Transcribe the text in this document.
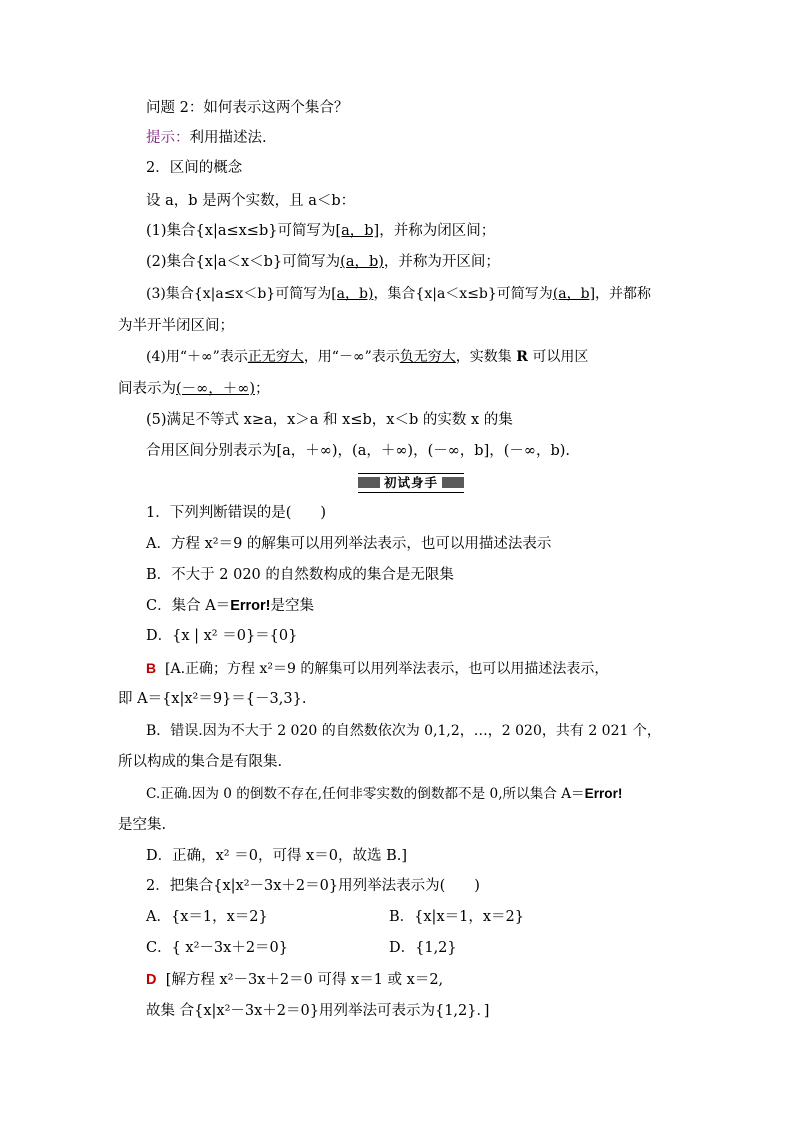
问题 2：如何表示这两个集合？
提示：利用描述法.
2．区间的概念
设 a，b 是两个实数，且 a＜b：
(1)集合{x|a≤x≤b}可简写为[a，b]，并称为闭区间；
(2)集合{x|a＜x＜b}可简写为(a，b)，并称为开区间；
(3)集合{x|a≤x＜b}可简写为[a，b)，集合{x|a＜x≤b}可简写为(a，b]，并都称
为半开半闭区间；
(4)用“＋∞”表示正无穷大，用“－∞”表示负无穷大，实数集 R 可以用区
间表示为(－∞，＋∞)；
(5)满足不等式 x≥a，x＞a 和 x≤b，x＜b 的实数 x 的集
合用区间分别表示为[a，＋∞)，(a，＋∞)，(－∞，b]，(－∞，b).
初试身手
1．下列判断错误的是(　　)
A．方程 x²＝9 的解集可以用列举法表示，也可以用描述法表示
B．不大于 2 020 的自然数构成的集合是无限集
C．集合 A＝Error!是空集
D．{x | x² ＝0}＝{0}
B [A.正确；方程 x²＝9 的解集可以用列举法表示，也可以用描述法表示，
即 A＝{x|x²＝9}＝{－3,3}.
B．错误.因为不大于 2 020 的自然数依次为 0,1,2，…，2 020，共有 2 021 个，
所以构成的集合是有限集.
C.正确.因为 0 的倒数不存在,任何非零实数的倒数都不是 0,所以集合 A＝Error!
是空集.
D．正确，x² ＝0，可得 x＝0，故选 B.]
2．把集合{x|x²－3x＋2＝0}用列举法表示为(　　)
A．{x＝1，x＝2}	B．{x|x＝1，x＝2}
C．{ x²－3x＋2＝0}	D．{1,2}
D [解方程 x²－3x＋2＝0 可得 x＝1 或 x＝2,
故集 合{x|x²－3x＋2＝0}用列举法可表示为{1,2}．]
